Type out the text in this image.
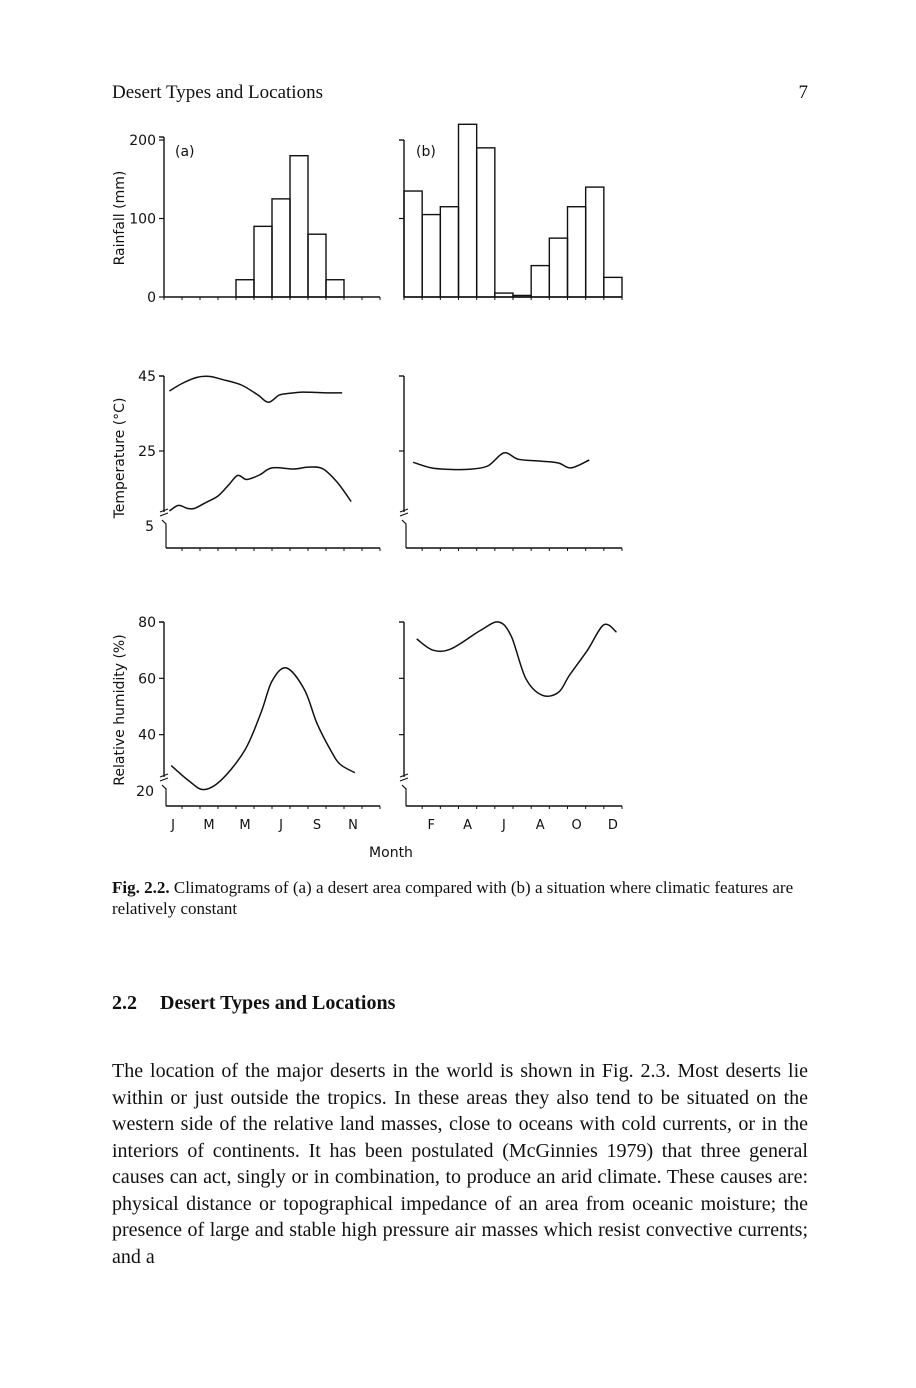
Desert Types and Locations	7
200
100
0
Rainfall (mm)
(a)	(b)
45
25
5
Temperature (°C)
80
60
40
20
Relative humidity (%)
J M M J S N	F A J A O D
Month
Fig. 2.2. Climatograms of (a) a desert area compared with (b) a situation where climatic features are relatively constant
2.2 Desert Types and Locations

The location of the major deserts in the world is shown in Fig. 2.3. Most deserts lie within or just outside the tropics. In these areas they also tend to be situated on the western side of the relative land masses, close to oceans with cold currents, or in the interiors of continents. It has been postulated (McGinnies 1979) that three general causes can act, singly or in combination, to produce an arid climate. These causes are: physical distance or topographical impedance of an area from oceanic moisture; the presence of large and stable high pressure air masses which resist convective currents; and a
